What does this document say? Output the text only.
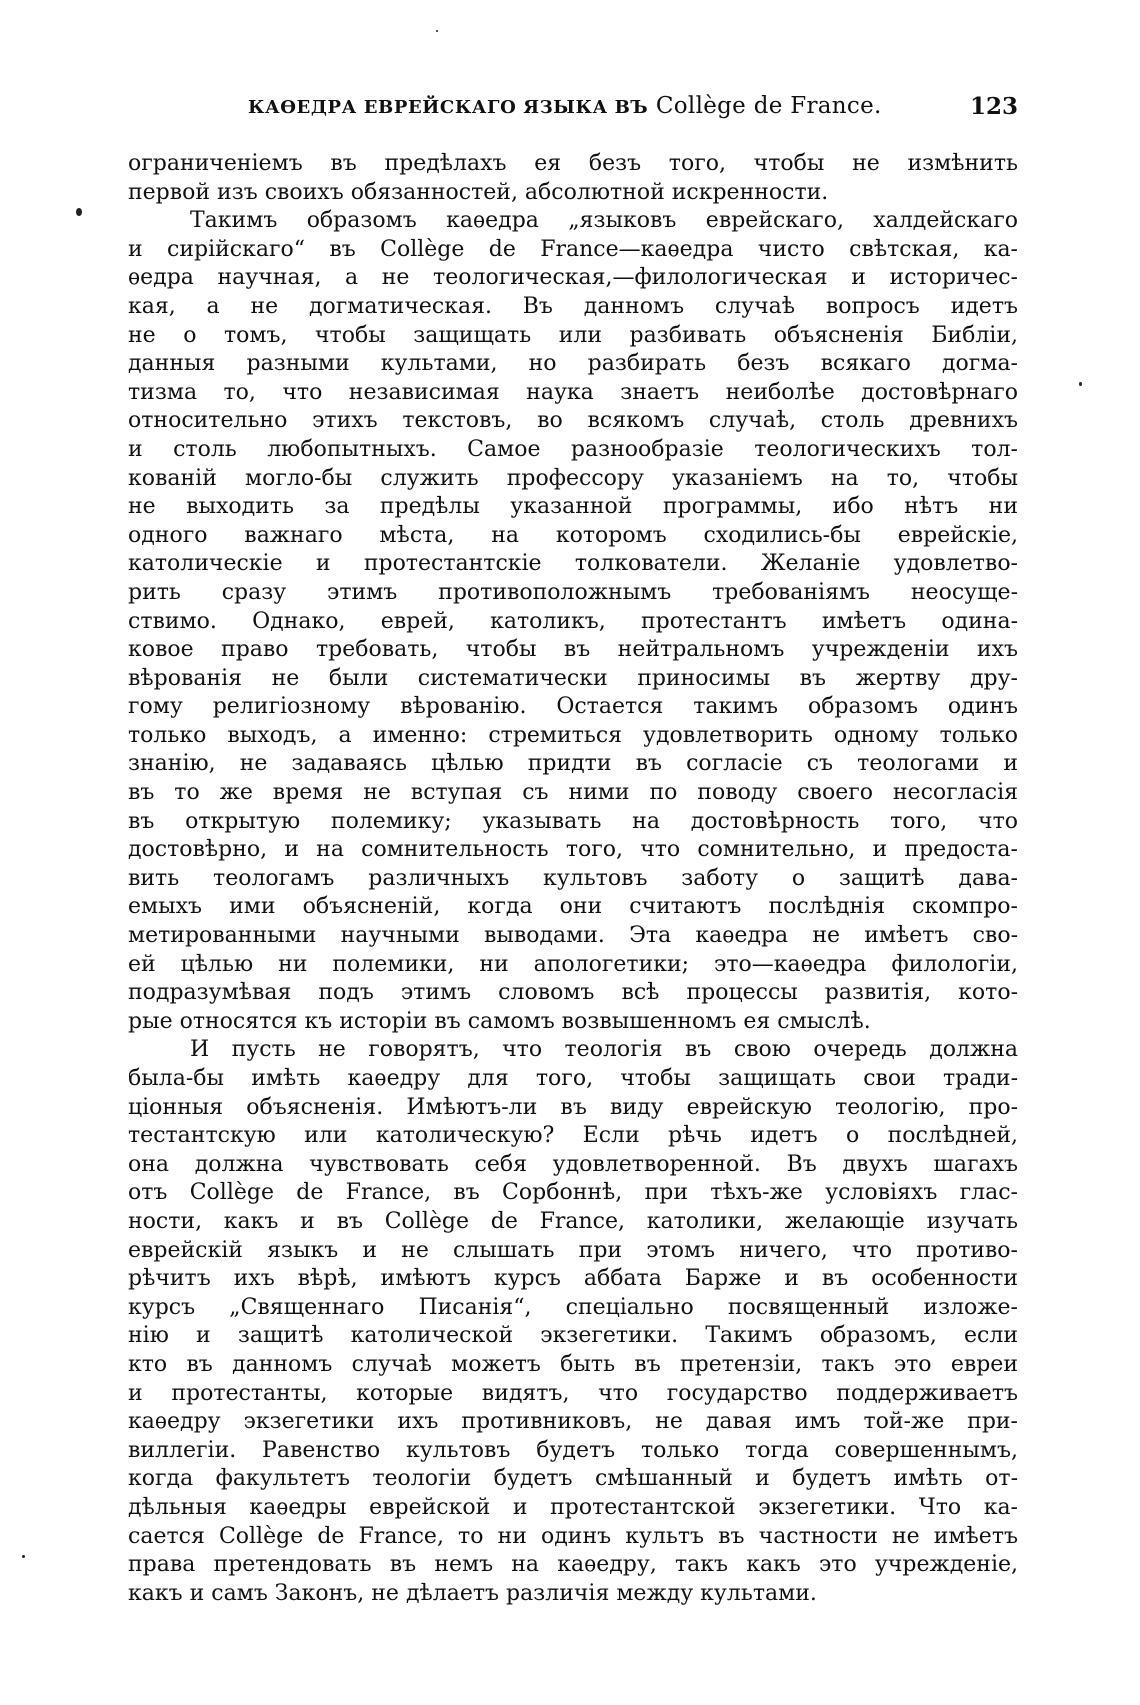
КАѲЕДРА ЕВРЕЙСКАГО ЯЗЫКА ВЪ Collège de France.	123
ограниченіемъ въ предѣлахъ ея безъ того, чтобы не измѣнить
первой изъ своихъ обязанностей, абсолютной искренности.
Такимъ образомъ каѳедра „языковъ еврейскаго, халдейскаго
и сирійскаго“ въ Collège de France—каѳедра чисто свѣтская, ка-
ѳедра научная, а не теологическая,—филологическая и историчес-
кая, а не догматическая. Въ данномъ случаѣ вопросъ идетъ
не о томъ, чтобы защищать или разбивать объясненія Библіи,
данныя разными культами, но разбирать безъ всякаго догма-
тизма то, что независимая наука знаетъ неиболѣе достовѣрнаго
относительно этихъ текстовъ, во всякомъ случаѣ, столь древнихъ
и столь любопытныхъ. Самое разнообразіе теологическихъ тол-
кованій могло-бы служить профессору указаніемъ на то, чтобы
не выходить за предѣлы указанной программы, ибо нѣтъ ни
одного важнаго мѣста, на которомъ сходились-бы еврейскіе,
католическіе и протестантскіе толкователи. Желаніе удовлетво-
рить сразу этимъ противоположнымъ требованіямъ неосуще-
ствимо. Однако, еврей, католикъ, протестантъ имѣетъ одина-
ковое право требовать, чтобы въ нейтральномъ учрежденіи ихъ
вѣрованія не были систематически приносимы въ жертву дру-
гому религіозному вѣрованію. Остается такимъ образомъ одинъ
только выходъ, а именно: стремиться удовлетворить одному только
знанію, не задаваясь цѣлью придти въ согласіе съ теологами и
въ то же время не вступая съ ними по поводу своего несогласія
въ открытую полемику; указывать на достовѣрность того, что
достовѣрно, и на сомнительность того, что сомнительно, и предоста-
вить теологамъ различныхъ культовъ заботу о защитѣ дава-
емыхъ ими объясненій, когда они считаютъ послѣднія скомпро-
метированными научными выводами. Эта каѳедра не имѣетъ сво-
ей цѣлью ни полемики, ни апологетики; это—каѳедра филологіи,
подразумѣвая подъ этимъ словомъ всѣ процессы развитія, кото-
рые относятся къ исторіи въ самомъ возвышенномъ ея смыслѣ.
И пусть не говорятъ, что теологія въ свою очередь должна
была-бы имѣть каѳедру для того, чтобы защищать свои тради-
ціонныя объясненія. Имѣютъ-ли въ виду еврейскую теологію, про-
тестантскую или католическую? Если рѣчь идетъ о послѣдней,
она должна чувствовать себя удовлетворенной. Въ двухъ шагахъ
отъ Collège de France, въ Сорбоннѣ, при тѣхъ-же условіяхъ глас-
ности, какъ и въ Collège de France, католики, желающіе изучать
еврейскій языкъ и не слышать при этомъ ничего, что противо-
рѣчитъ ихъ вѣрѣ, имѣютъ курсъ аббата Барже и въ особенности
курсъ „Священнаго Писанія“, спеціально посвященный изложе-
нію и защитѣ католической экзегетики. Такимъ образомъ, если
кто въ данномъ случаѣ можетъ быть въ претензіи, такъ это евреи
и протестанты, которые видятъ, что государство поддерживаетъ
каѳедру экзегетики ихъ противниковъ, не давая имъ той-же при-
виллегіи. Равенство культовъ будетъ только тогда совершеннымъ,
когда факультетъ теологіи будетъ смѣшанный и будетъ имѣть от-
дѣльныя каѳедры еврейской и протестантской экзегетики. Что ка-
сается Collège de France, то ни одинъ культъ въ частности не имѣетъ
права претендовать въ немъ на каѳедру, такъ какъ это учрежденіе,
какъ и самъ Законъ, не дѣлаетъ различія между культами.
